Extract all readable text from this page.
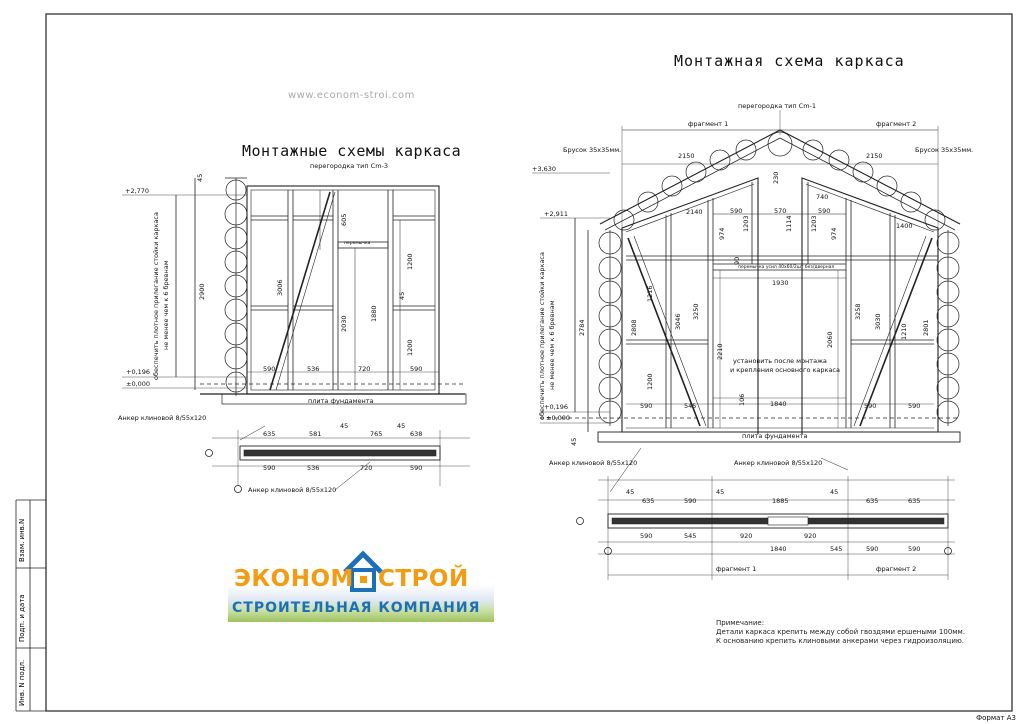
Монтажная схема каркаса
Монтажные схемы каркаса
www.econom-stroi.com
перегородка тип Cm-3
+2,770
+0,196
±0,000
обеспечить плотное прилегание стойки каркаса не менее чем к 6 бревнам	2900
45
605
3006
2030
1880
1200
1200
45
перемычка
590	536	720	590
плита фундамента
Анкер клиновой 8/55x120
635	581
45
765
45
638
590	536	720	590
Анкер клиновой 8/55x120
перегородка тип Cm-1
фрагмент 1	фрагмент 2
Брусок 35х35мм.	Брусок 35х35мм.
+3,630
+2,911
+0,196
±0,000
обеспечить плотное прилегание стойки каркаса не менее чем к 6 бревнам
2150	2150
230
740
2140
1400
590	570	590
974
1203	1114	1203
974
90
перемычка усил 40х60/2шт без/дверная
1930
2784	2808	3046
3250
1216
2210
2060
3258
3030	2801
1210
1200
установить после монтажа
и крепления основного каркаса
106	1840
590	545	590	590
плита фундамента
Анкер клиновой 8/55x120	Анкер клиновой 8/55x120
45
45
635	590
45
1885
45
635	635
590	545	920	920
545	590	590
1840
фрагмент 1	фрагмент 2
Примечание:
Детали каркаса крепить между собой гвоздями ершеными 100мм.
К основанию крепить клиновыми анкерами через гидроизоляцию.
Взам. инв.N
Подп. и дата
Инв. N подл.
Формат А3
ЭКОНОМ СТРОЙ
СТРОИТЕЛЬНАЯ КОМПАНИЯ
